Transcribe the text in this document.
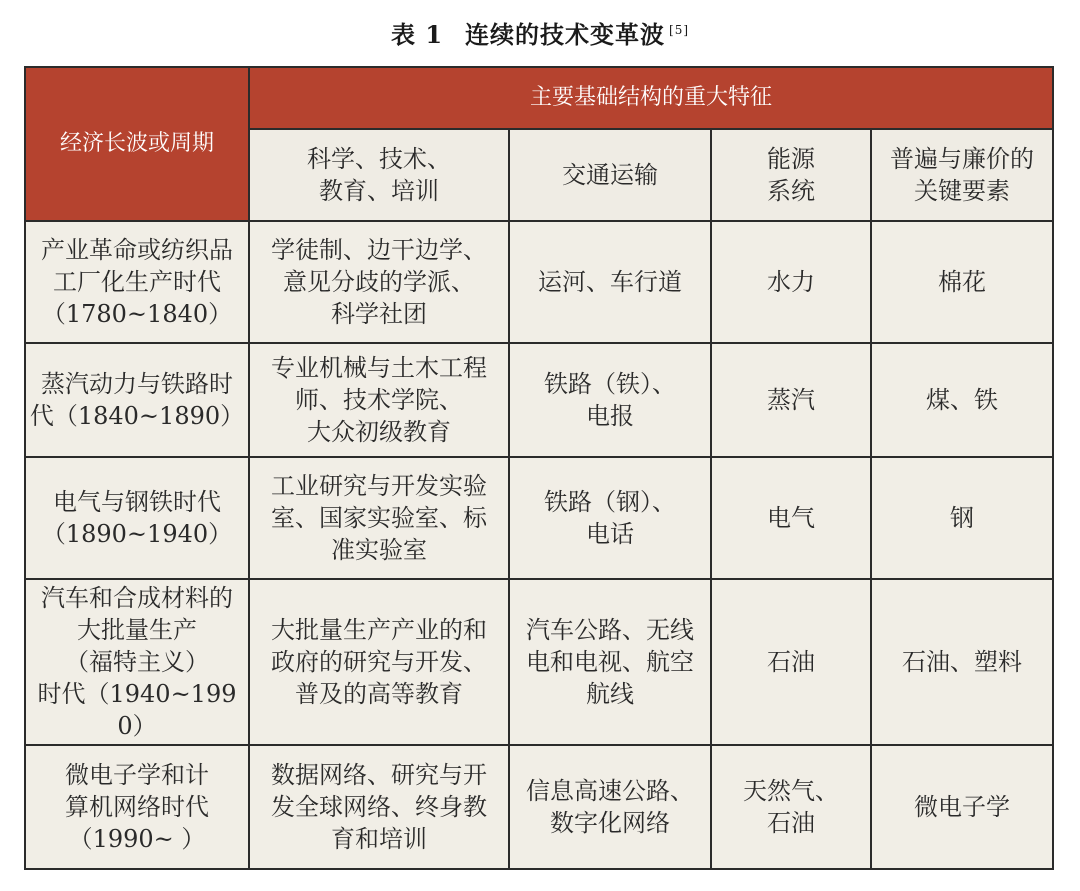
表 1 连续的技术变革波 [5]
经济长波或周期	主要基础结构的重大特征			
	科学、技术、
教育、培训	交通运输	能源
系统	普遍与廉价的
关键要素
产业革命或纺织品
工厂化生产时代
（1780~1840）	学徒制、边干边学、
意见分歧的学派、
科学社团	运河、车行道	水力	棉花
蒸汽动力与铁路时
代（1840~1890）	专业机械与土木工程
师、技术学院、
大众初级教育	铁路（铁）、
电报	蒸汽	煤、铁
电气与钢铁时代
（1890~1940）	工业研究与开发实验
室、国家实验室、标
准实验室	铁路（钢）、
电话	电气	钢
汽车和合成材料的
大批量生产
（福特主义）
时代（1940~1990）	大批量生产产业的和
政府的研究与开发、
普及的高等教育	汽车公路、无线
电和电视、航空
航线	石油	石油、塑料
微电子学和计
算机网络时代
（1990~ ）	数据网络、研究与开
发全球网络、终身教
育和培训	信息高速公路、
数字化网络	天然气、
石油	微电子学
